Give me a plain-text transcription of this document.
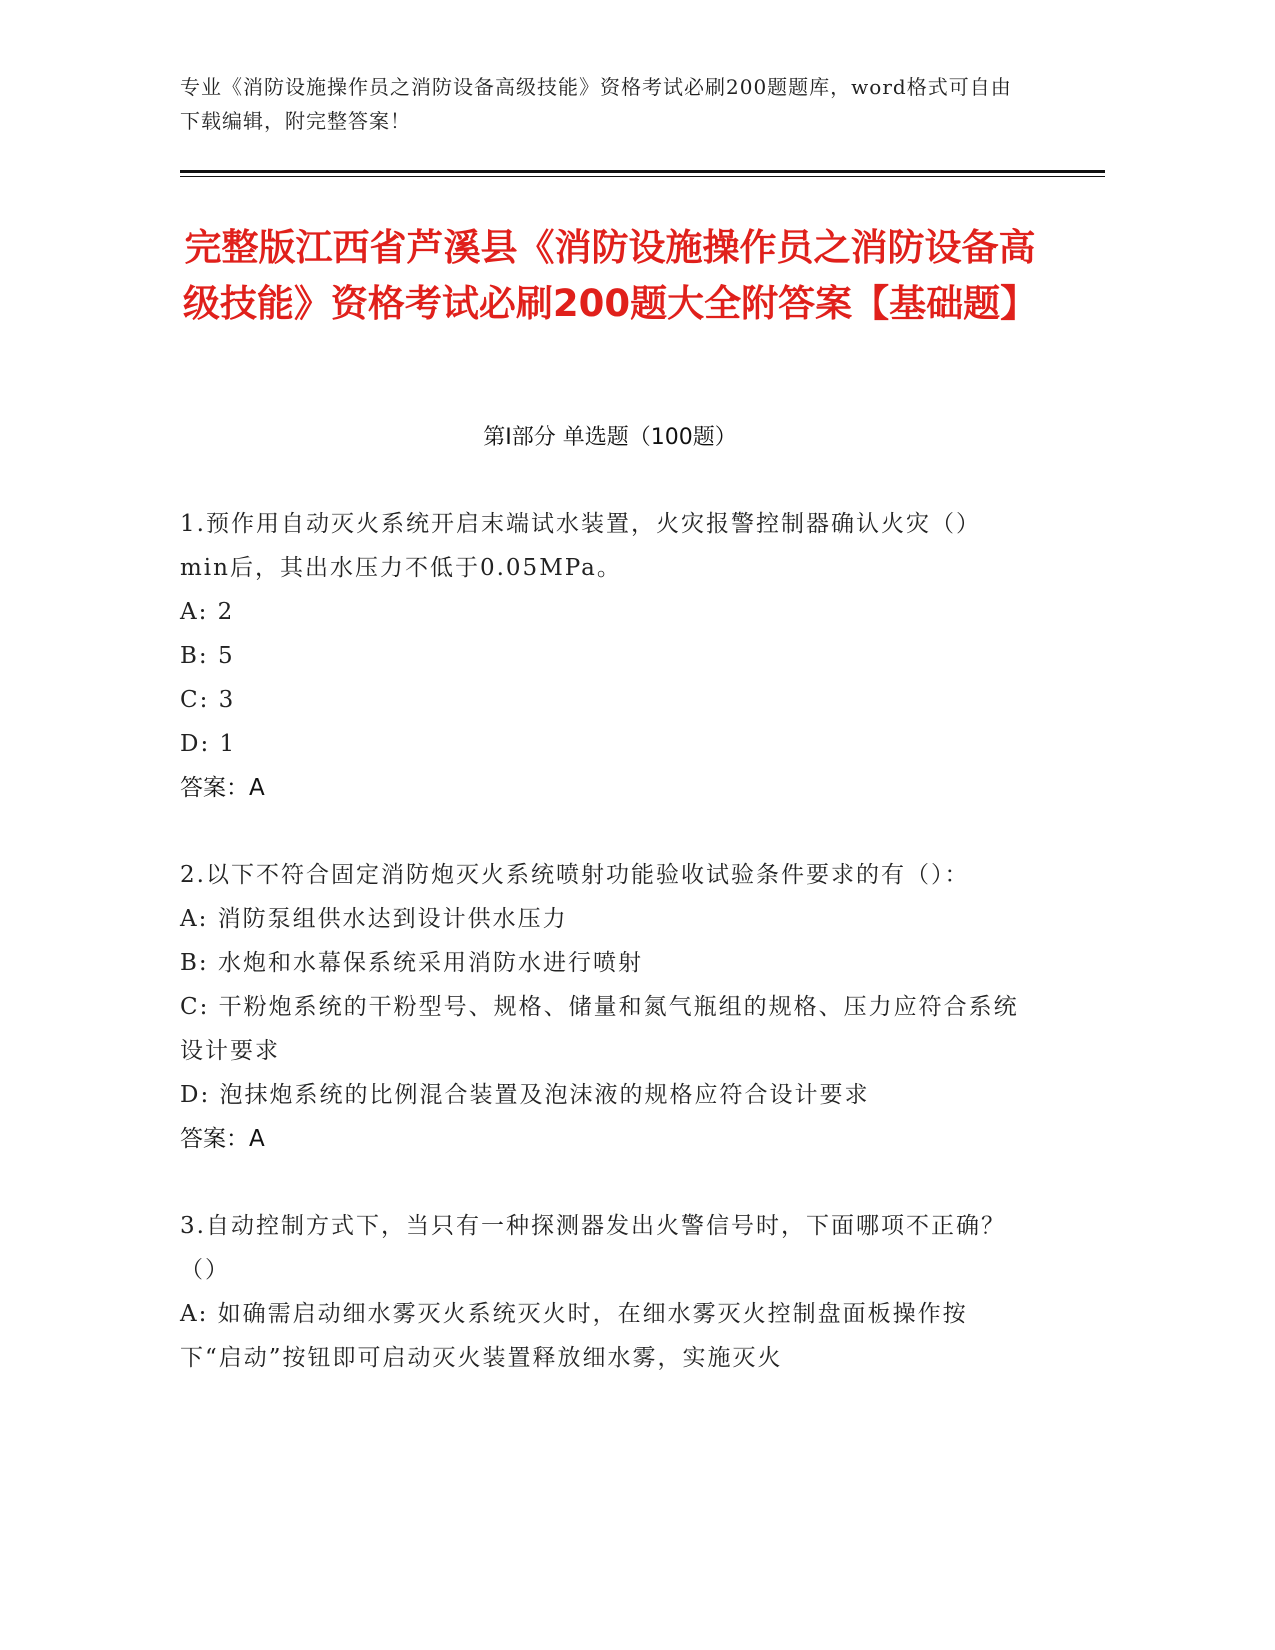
专业《消防设施操作员之消防设备高级技能》资格考试必刷200题题库，word格式可自由下载编辑，附完整答案！
完整版江西省芦溪县《消防设施操作员之消防设备高级技能》资格考试必刷200题大全附答案【基础题】
第Ⅰ部分 单选题（100题）

1.预作用自动灭火系统开启末端试水装置，火灾报警控制器确认火灾（）min后，其出水压力不低于0.05MPa。

A: 2

B: 5

C: 3

D: 1

答案：A

2.以下不符合固定消防炮灭火系统喷射功能验收试验条件要求的有（）：

A: 消防泵组供水达到设计供水压力

B: 水炮和水幕保系统采用消防水进行喷射

C: 干粉炮系统的干粉型号、规格、储量和氮气瓶组的规格、压力应符合系统设计要求

D: 泡抹炮系统的比例混合装置及泡沫液的规格应符合设计要求

答案：A

3.自动控制方式下，当只有一种探测器发出火警信号时，下面哪项不正确？（）

A: 如确需启动细水雾灭火系统灭火时，在细水雾灭火控制盘面板操作按下“启动”按钮即可启动灭火装置释放细水雾，实施灭火
